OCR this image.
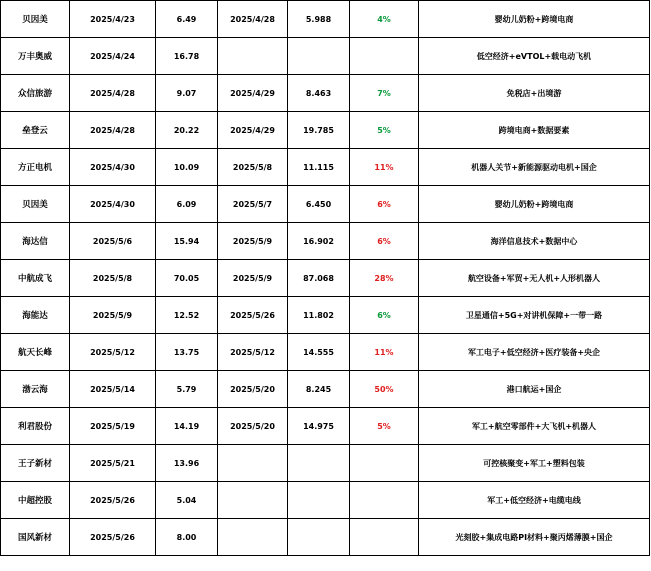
贝因美	2025/4/23	6.49	2025/4/28	5.988	4%	婴幼儿奶粉+跨境电商
万丰奥威	2025/4/24	16.78				低空经济+eVTOL+载电动飞机
众信旅游	2025/4/28	9.07	2025/4/29	8.463	7%	免税店+出境游
垒登云	2025/4/28	20.22	2025/4/29	19.785	5%	跨境电商+数据要素
方正电机	2025/4/30	10.09	2025/5/8	11.115	11%	机器人关节+新能源驱动电机+国企
贝因美	2025/4/30	6.09	2025/5/7	6.450	6%	婴幼儿奶粉+跨境电商
海达信	2025/5/6	15.94	2025/5/9	16.902	6%	海洋信息技术+数据中心
中航成飞	2025/5/8	70.05	2025/5/9	87.068	28%	航空设备+军贸+无人机+人形机器人
海能达	2025/5/9	12.52	2025/5/26	11.802	6%	卫星通信+5G+对讲机保障+一带一路
航天长峰	2025/5/12	13.75	2025/5/12	14.555	11%	军工电子+低空经济+医疗装备+央企
渤云海	2025/5/14	5.79	2025/5/20	8.245	50%	港口航运+国企
利君股份	2025/5/19	14.19	2025/5/20	14.975	5%	军工+航空零部件+大飞机+机器人
王子新材	2025/5/21	13.96				可控核聚变+军工+塑料包装
中超控股	2025/5/26	5.04				军工+低空经济+电缆电线
国风新材	2025/5/26	8.00				光刻胶+集成电路PI材料+聚丙烯薄膜+国企
